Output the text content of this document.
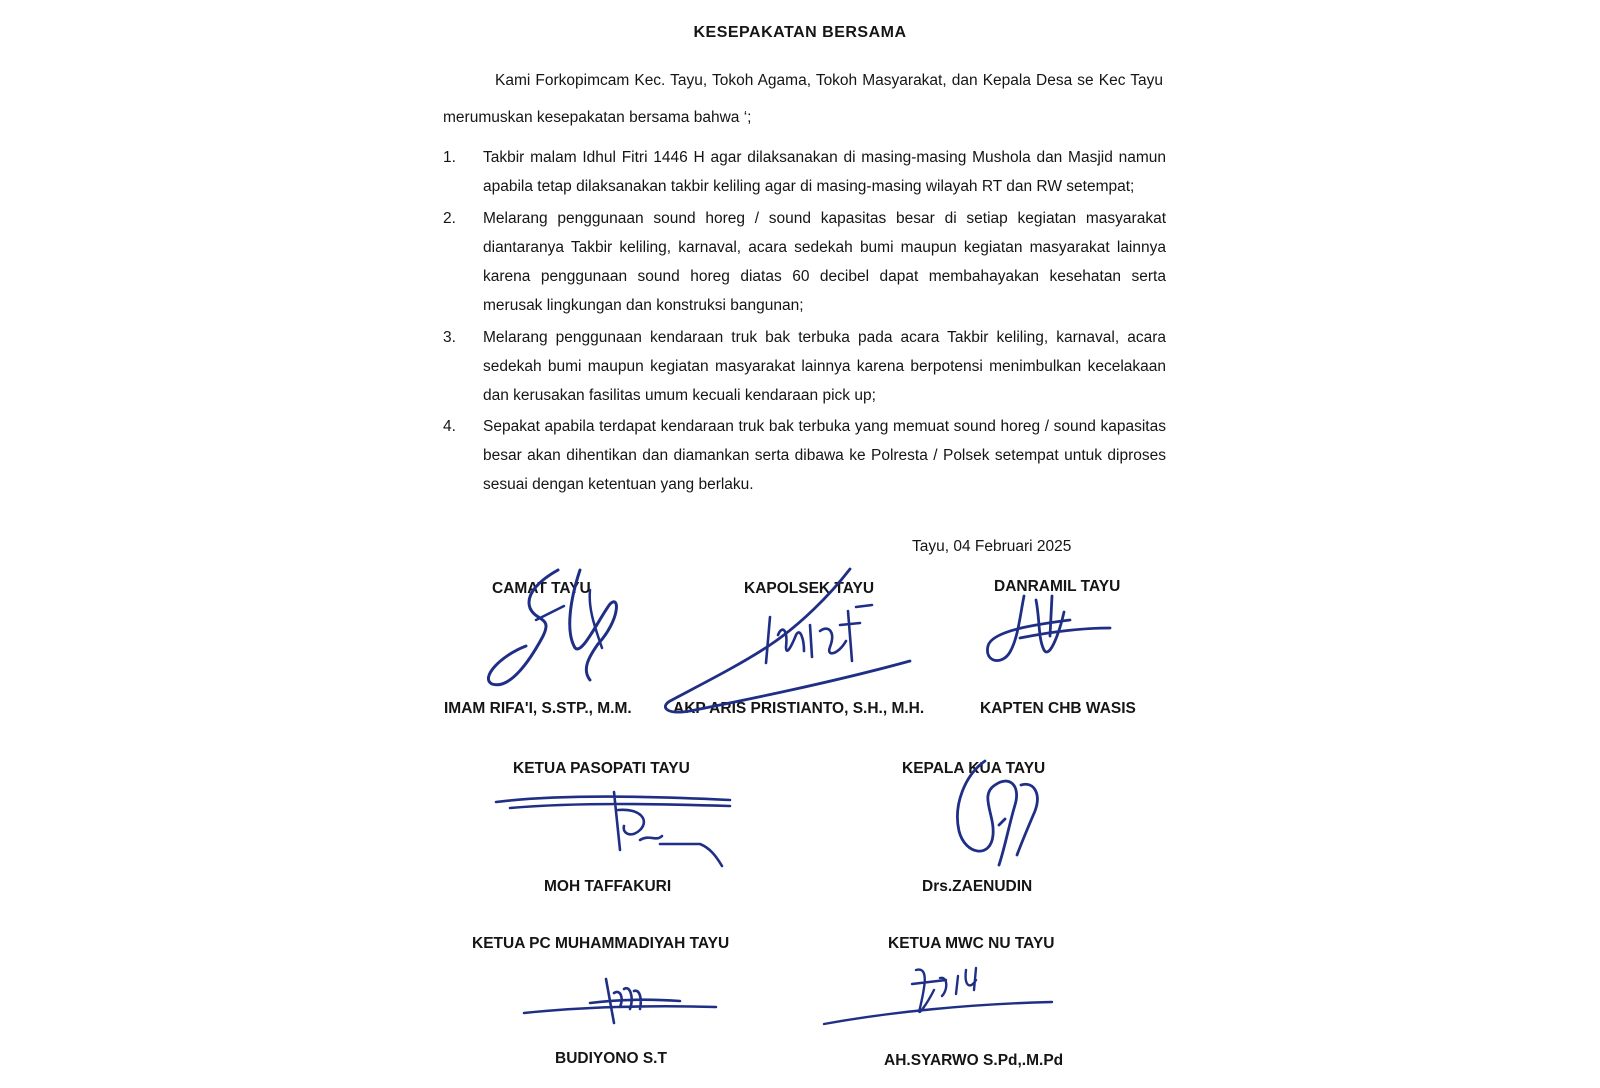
KESEPAKATAN BERSAMA
Kami Forkopimcam Kec. Tayu, Tokoh Agama, Tokoh Masyarakat, dan Kepala Desa se Kec Tayu merumuskan kesepakatan bersama bahwa ‘;
1. Takbir malam Idhul Fitri 1446 H agar dilaksanakan di masing-masing Mushola dan Masjid namun apabila tetap dilaksanakan takbir keliling agar di masing-masing wilayah RT dan RW setempat;
2. Melarang penggunaan sound horeg / sound kapasitas besar di setiap kegiatan masyarakat diantaranya Takbir keliling, karnaval, acara sedekah bumi maupun kegiatan masyarakat lainnya karena penggunaan sound horeg diatas 60 decibel dapat membahayakan kesehatan serta merusak lingkungan dan konstruksi bangunan;
3. Melarang penggunaan kendaraan truk bak terbuka pada acara Takbir keliling, karnaval, acara sedekah bumi maupun kegiatan masyarakat lainnya karena berpotensi menimbulkan kecelakaan dan kerusakan fasilitas umum kecuali kendaraan pick up;
4. Sepakat apabila terdapat kendaraan truk bak terbuka yang memuat sound horeg / sound kapasitas besar akan dihentikan dan diamankan serta dibawa ke Polresta / Polsek setempat untuk diproses sesuai dengan ketentuan yang berlaku.
Tayu, 04 Februari 2025
CAMAT TAYU
IMAM RIFA'I, S.STP., M.M.
KAPOLSEK TAYU
AKP ARIS PRISTIANTO, S.H., M.H.
DANRAMIL TAYU
KAPTEN CHB WASIS
KETUA PASOPATI TAYU
MOH TAFFAKURI
KEPALA KUA TAYU
Drs.ZAENUDIN
KETUA PC MUHAMMADIYAH TAYU
BUDIYONO S.T
KETUA MWC NU TAYU
AH.SYARWO S.Pd,.M.Pd
